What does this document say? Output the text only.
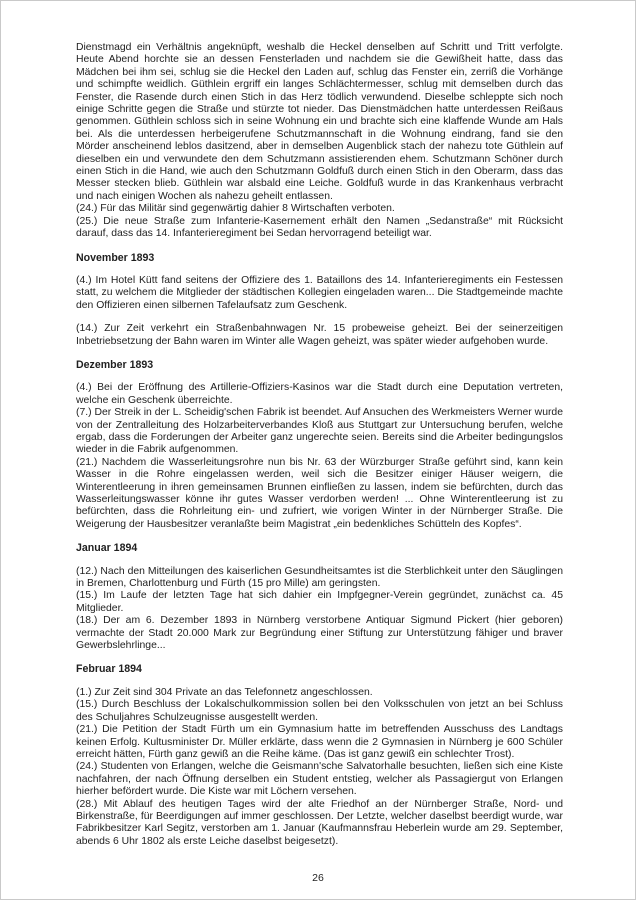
Dienstmagd ein Verhältnis angeknüpft, weshalb die Heckel denselben auf Schritt und Tritt verfolgte. Heute Abend horchte sie an dessen Fensterladen und nachdem sie die Gewißheit hatte, dass das Mädchen bei ihm sei, schlug sie die Heckel den Laden auf, schlug das Fenster ein, zerriß die Vorhänge und schimpfte weidlich. Güthlein ergriff ein langes Schlächtermesser, schlug mit demselben durch das Fenster, die Rasende durch einen Stich in das Herz tödlich verwundend. Dieselbe schleppte sich noch einige Schritte gegen die Straße und stürzte tot nieder. Das Dienstmädchen hatte unterdessen Reißaus genommen. Güthlein schloss sich in seine Wohnung ein und brachte sich eine klaffende Wunde am Hals bei. Als die unterdessen herbeigerufene Schutzmannschaft in die Wohnung eindrang, fand sie den Mörder anscheinend leblos dasitzend, aber in demselben Augenblick stach der nahezu tote Güthlein auf dieselben ein und verwundete den dem Schutzmann assistierenden ehem. Schutzmann Schöner durch einen Stich in die Hand, wie auch den Schutzmann Goldfuß durch einen Stich in den Oberarm, dass das Messer stecken blieb. Güthlein war alsbald eine Leiche. Goldfuß wurde in das Krankenhaus verbracht und nach einigen Wochen als nahezu geheilt entlassen.

(24.) Für das Militär sind gegenwärtig dahier 8 Wirtschaften verboten.

(25.) Die neue Straße zum Infanterie-Kasernement erhält den Namen „Sedanstraße“ mit Rücksicht darauf, dass das 14. Infanterieregiment bei Sedan hervorragend beteiligt war.

November 1893

(4.) Im Hotel Kütt fand seitens der Offiziere des 1. Bataillons des 14. Infanterieregiments ein Festessen statt, zu welchem die Mitglieder der städtischen Kollegien eingeladen waren... Die Stadtgemeinde machte den Offizieren einen silbernen Tafelaufsatz zum Geschenk.

(14.) Zur Zeit verkehrt ein Straßenbahnwagen Nr. 15 probeweise geheizt. Bei der seinerzeitigen Inbetriebsetzung der Bahn waren im Winter alle Wagen geheizt, was später wieder aufgehoben wurde.

Dezember 1893

(4.) Bei der Eröffnung des Artillerie-Offiziers-Kasinos war die Stadt durch eine Deputation vertreten, welche ein Geschenk überreichte.

(7.) Der Streik in der L. Scheidig'schen Fabrik ist beendet. Auf Ansuchen des Werkmeisters Werner wurde von der Zentralleitung des Holzarbeiterverbandes Kloß aus Stuttgart zur Untersuchung berufen, welche ergab, dass die Forderungen der Arbeiter ganz ungerechte seien. Bereits sind die Arbeiter bedingungslos wieder in die Fabrik aufgenommen.

(21.) Nachdem die Wasserleitungsrohre nun bis Nr. 63 der Würzburger Straße geführt sind, kann kein Wasser in die Rohre eingelassen werden, weil sich die Besitzer einiger Häuser weigern, die Winterentleerung in ihren gemeinsamen Brunnen einfließen zu lassen, indem sie befürchten, durch das Wasserleitungswasser könne ihr gutes Wasser verdorben werden! ... Ohne Winterentleerung ist zu befürchten, dass die Rohrleitung ein- und zufriert, wie vorigen Winter in der Nürnberger Straße. Die Weigerung der Hausbesitzer veranlaßte beim Magistrat „ein bedenkliches Schütteln des Kopfes“.

Januar 1894

(12.) Nach den Mitteilungen des kaiserlichen Gesundheitsamtes ist die Sterblichkeit unter den Säuglingen in Bremen, Charlottenburg und Fürth (15 pro Mille) am geringsten.

(15.) Im Laufe der letzten Tage hat sich dahier ein Impfgegner-Verein gegründet, zunächst ca. 45 Mitglieder.

(18.) Der am 6. Dezember 1893 in Nürnberg verstorbene Antiquar Sigmund Pickert (hier geboren) vermachte der Stadt 20.000 Mark zur Begründung einer Stiftung zur Unterstützung fähiger und braver Gewerbslehrlinge...

Februar 1894

(1.) Zur Zeit sind 304 Private an das Telefonnetz angeschlossen.

(15.) Durch Beschluss der Lokalschulkommission sollen bei den Volksschulen von jetzt an bei Schluss des Schuljahres Schulzeugnisse ausgestellt werden.

(21.) Die Petition der Stadt Fürth um ein Gymnasium hatte im betreffenden Ausschuss des Landtags keinen Erfolg. Kultusminister Dr. Müller erklärte, dass wenn die 2 Gymnasien in Nürnberg je 600 Schüler erreicht hätten, Fürth ganz gewiß an die Reihe käme. (Das ist ganz gewiß ein schlechter Trost).

(24.) Studenten von Erlangen, welche die Geismann'sche Salvatorhalle besuchten, ließen sich eine Kiste nachfahren, der nach Öffnung derselben ein Student entstieg, welcher als Passagiergut von Erlangen hierher befördert wurde. Die Kiste war mit Löchern versehen.

(28.) Mit Ablauf des heutigen Tages wird der alte Friedhof an der Nürnberger Straße, Nord- und Birkenstraße, für Beerdigungen auf immer geschlossen. Der Letzte, welcher daselbst beerdigt wurde, war Fabrikbesitzer Karl Segitz, verstorben am 1. Januar (Kaufmannsfrau Heberlein wurde am 29. September, abends 6 Uhr 1802 als erste Leiche daselbst beigesetzt).

26
